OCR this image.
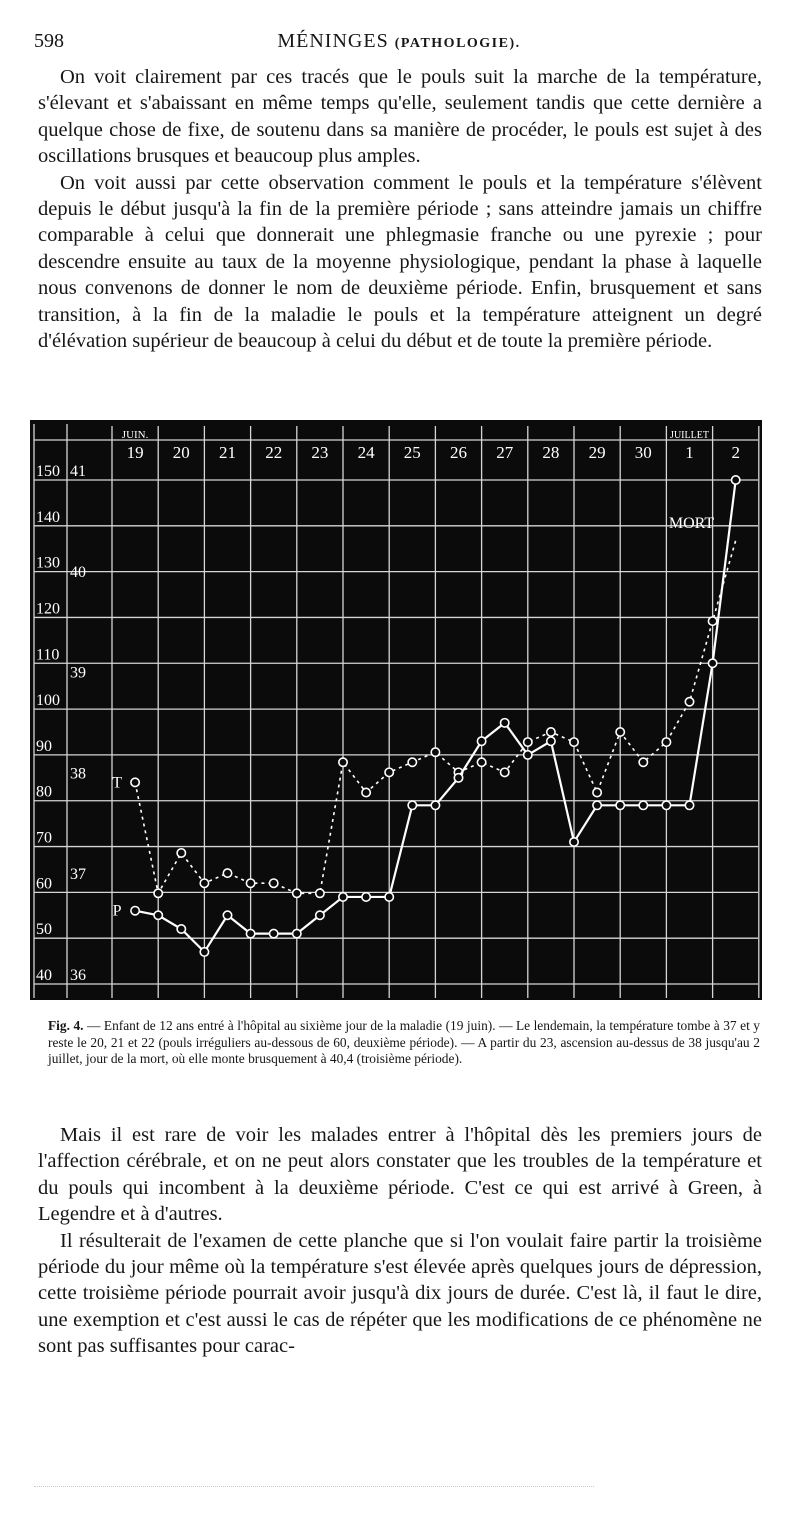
598	MÉNINGES (PATHOLOGIE).

On voit clairement par ces tracés que le pouls suit la marche de la température, s'élevant et s'abaissant en même temps qu'elle, seulement tandis que cette dernière a quelque chose de fixe, de soutenu dans sa manière de procéder, le pouls est sujet à des oscillations brusques et beaucoup plus amples.

On voit aussi par cette observation comment le pouls et la température s'élèvent depuis le début jusqu'à la fin de la première période ; sans atteindre jamais un chiffre comparable à celui que donnerait une phlegmasie franche ou une pyrexie ; pour descendre ensuite au taux de la moyenne physiologique, pendant la phase à laquelle nous convenons de donner le nom de deuxième période. Enfin, brusquement et sans transition, à la fin de la maladie le pouls et la température atteignent un degré d'élévation supérieur de beaucoup à celui du début et de toute la première période.

19 20 21 22 23 24 25 26 27 28 29 30 1 2
JUIN.	JUILLET
150
140
130
120
110
100
90
80
70
60
50
40
41
40
39
38
37
36
T
P
MORT
Fig. 4. — Enfant de 12 ans entré à l'hôpital au sixième jour de la maladie (19 juin). — Le lendemain, la température tombe à 37 et y reste le 20, 21 et 22 (pouls irréguliers au-dessous de 60, deuxième période). — A partir du 23, ascension au-dessus de 38 jusqu'au 2 juillet, jour de la mort, où elle monte brusquement à 40,4 (troisième période).

Mais il est rare de voir les malades entrer à l'hôpital dès les premiers jours de l'affection cérébrale, et on ne peut alors constater que les troubles de la température et du pouls qui incombent à la deuxième période. C'est ce qui est arrivé à Green, à Legendre et à d'autres.

Il résulterait de l'examen de cette planche que si l'on voulait faire partir la troisième période du jour même où la température s'est élevée après quelques jours de dépression, cette troisième période pourrait avoir jusqu'à dix jours de durée. C'est là, il faut le dire, une exemption et c'est aussi le cas de répéter que les modifications de ce phénomène ne sont pas suffisantes pour carac-
